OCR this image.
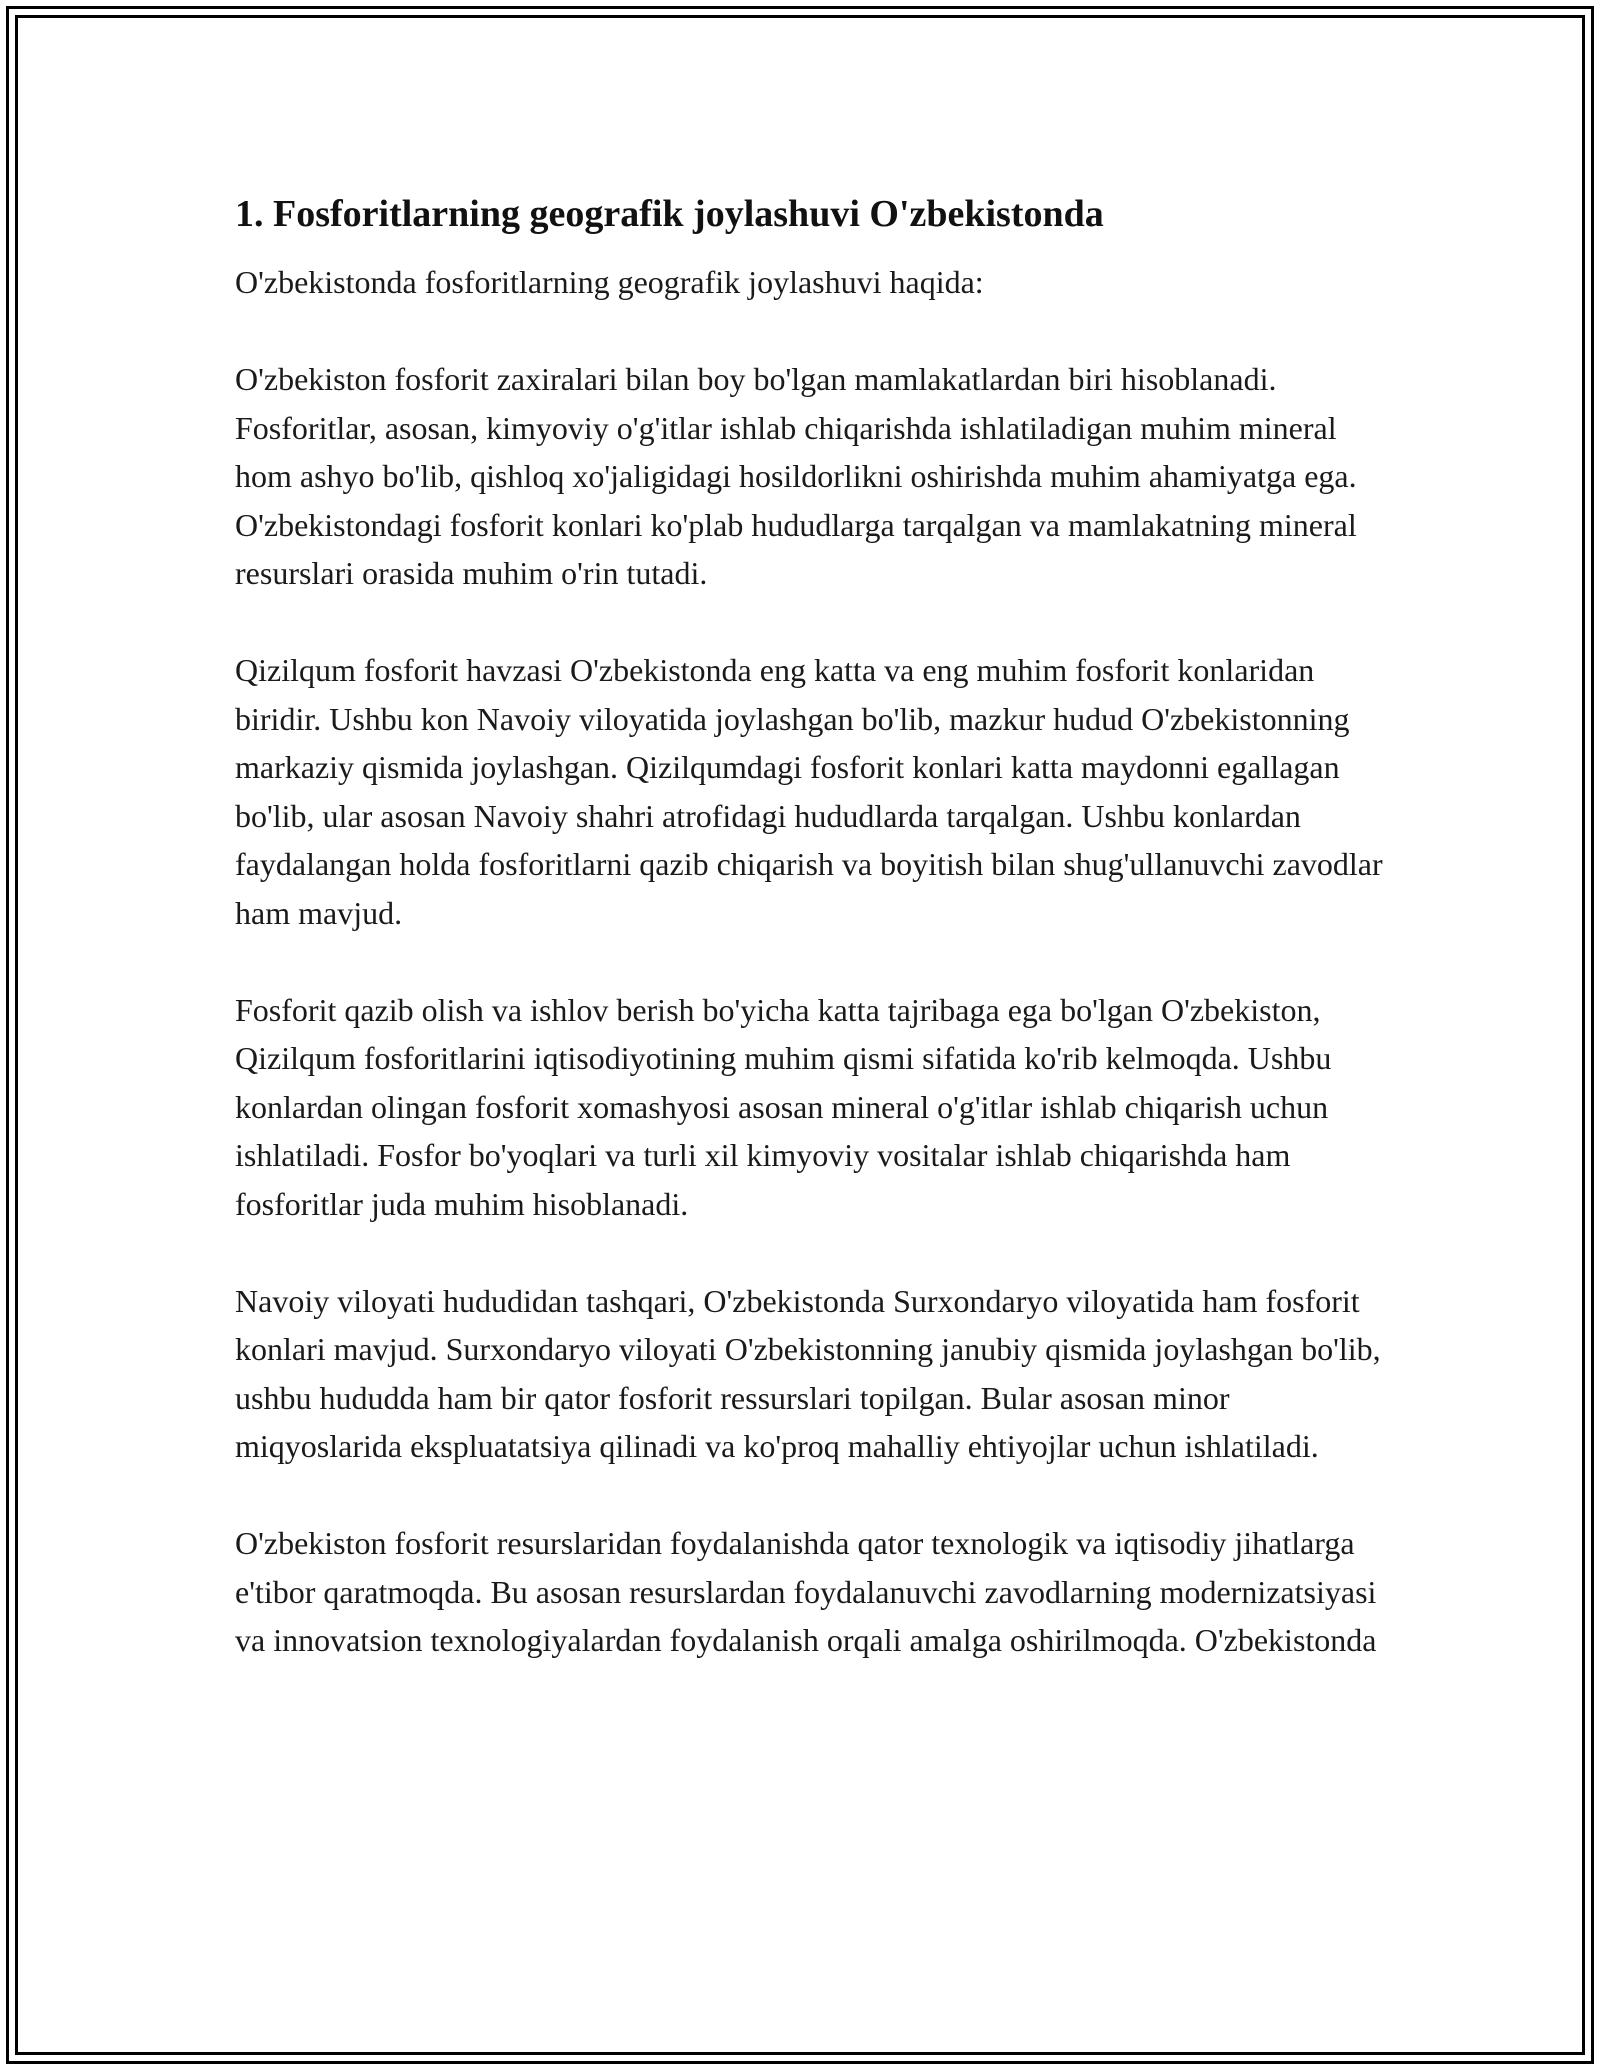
1. Fosforitlarning geografik joylashuvi O'zbekistonda

O'zbekistonda fosforitlarning geografik joylashuvi haqida:

O'zbekiston fosforit zaxiralari bilan boy bo'lgan mamlakatlardan biri hisoblanadi. Fosforitlar, asosan, kimyoviy o'g'itlar ishlab chiqarishda ishlatiladigan muhim mineral hom ashyo bo'lib, qishloq xo'jaligidagi hosildorlikni oshirishda muhim ahamiyatga ega. O'zbekistondagi fosforit konlari ko'plab hududlarga tarqalgan va mamlakatning mineral resurslari orasida muhim o'rin tutadi.

Qizilqum fosforit havzasi O'zbekistonda eng katta va eng muhim fosforit konlaridan biridir. Ushbu kon Navoiy viloyatida joylashgan bo'lib, mazkur hudud O'zbekistonning markaziy qismida joylashgan. Qizilqumdagi fosforit konlari katta maydonni egallagan bo'lib, ular asosan Navoiy shahri atrofidagi hududlarda tarqalgan. Ushbu konlardan faydalangan holda fosforitlarni qazib chiqarish va boyitish bilan shug'ullanuvchi zavodlar ham mavjud.

Fosforit qazib olish va ishlov berish bo'yicha katta tajribaga ega bo'lgan O'zbekiston, Qizilqum fosforitlarini iqtisodiyotining muhim qismi sifatida ko'rib kelmoqda. Ushbu konlardan olingan fosforit xomashyosi asosan mineral o'g'itlar ishlab chiqarish uchun ishlatiladi. Fosfor bo'yoqlari va turli xil kimyoviy vositalar ishlab chiqarishda ham fosforitlar juda muhim hisoblanadi.

Navoiy viloyati hududidan tashqari, O'zbekistonda Surxondaryo viloyatida ham fosforit konlari mavjud. Surxondaryo viloyati O'zbekistonning janubiy qismida joylashgan bo'lib, ushbu hududda ham bir qator fosforit ressurslari topilgan. Bular asosan minor miqyoslarida ekspluatatsiya qilinadi va ko'proq mahalliy ehtiyojlar uchun ishlatiladi.

O'zbekiston fosforit resurslaridan foydalanishda qator texnologik va iqtisodiy jihatlarga e'tibor qaratmoqda. Bu asosan resurslardan foydalanuvchi zavodlarning modernizatsiyasi va innovatsion texnologiyalardan foydalanish orqali amalga oshirilmoqda. O'zbekistonda
